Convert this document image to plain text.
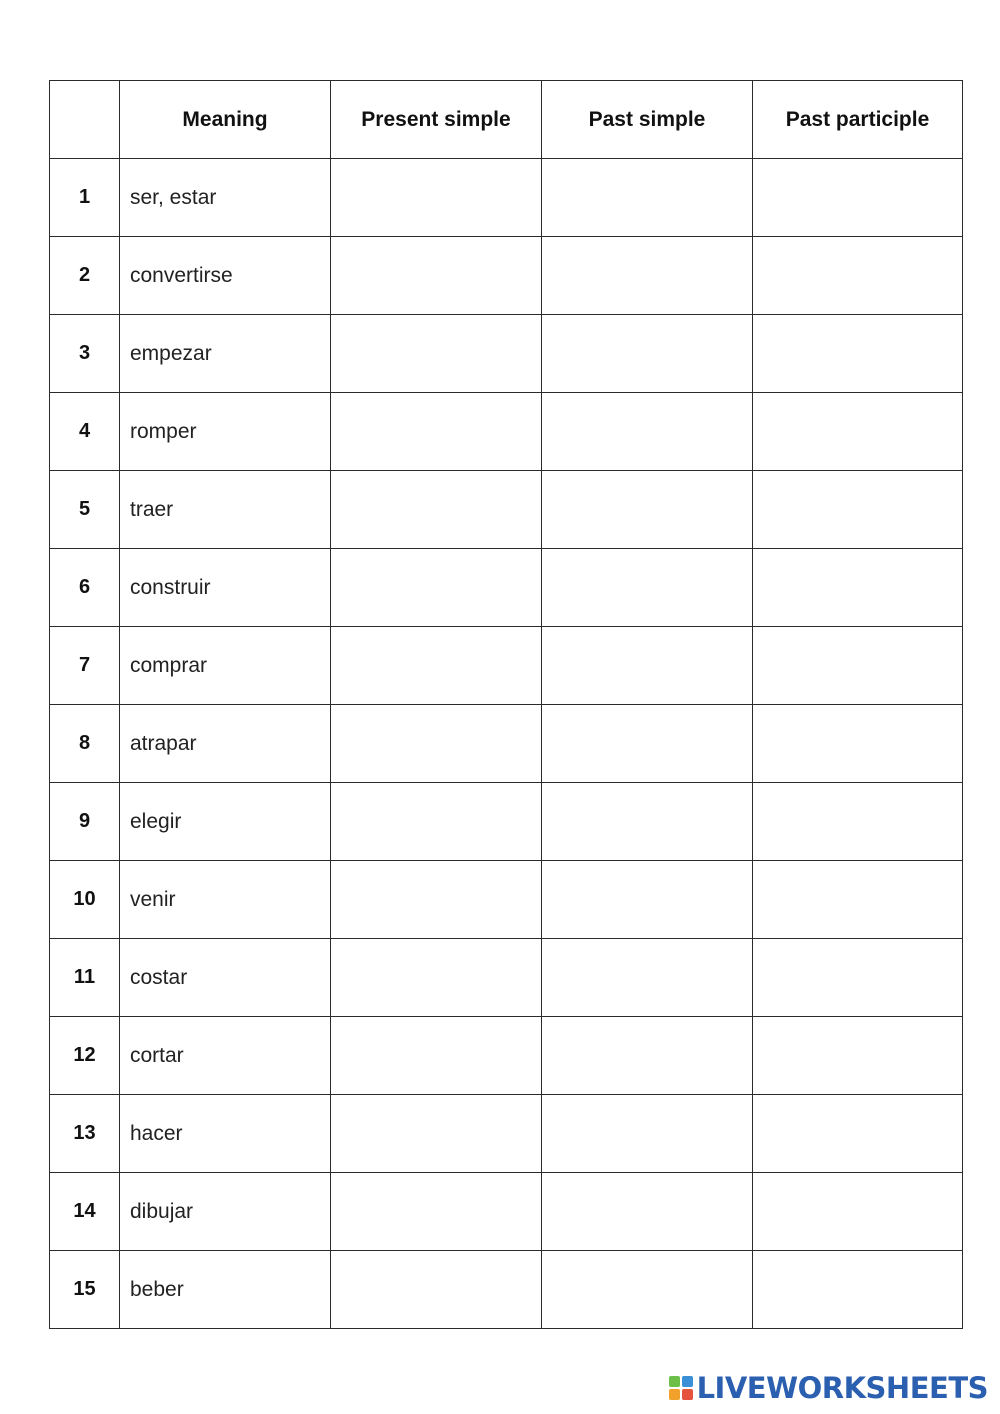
	Meaning	Present simple	Past simple	Past participle
1	ser, estar			
2	convertirse			
3	empezar			
4	romper			
5	traer			
6	construir			
7	comprar			
8	atrapar			
9	elegir			
10	venir			
11	costar			
12	cortar			
13	hacer			
14	dibujar			
15	beber			
LIVEWORKSHEETS
